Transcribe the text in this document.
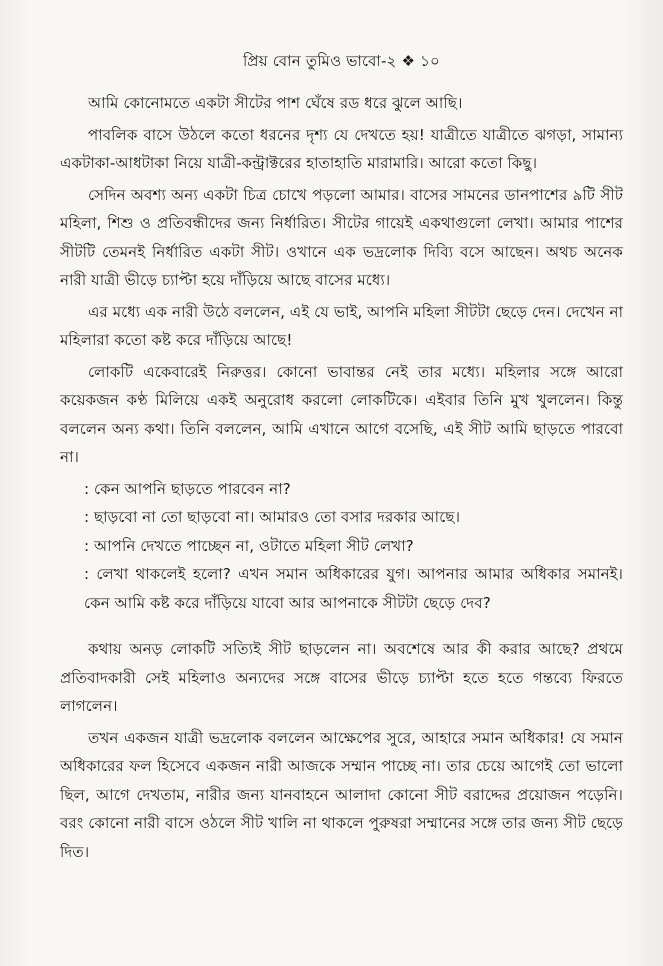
প্রিয় বোন তুমিও ভাবো-২ ❖ ১০

আমি কোনোমতে একটা সীটের পাশ ঘেঁষে রড ধরে ঝুলে আছি।

পাবলিক বাসে উঠলে কতো ধরনের দৃশ্য যে দেখতে হয়! যাত্রীতে যাত্রীতে ঝগড়া, সামান্য একটাকা-আধটাকা নিয়ে যাত্রী-কন্ট্রাক্টরের হাতাহাতি মারামারি। আরো কতো কিছু।

সেদিন অবশ্য অন্য একটা চিত্র চোখে পড়লো আমার। বাসের সামনের ডানপাশের ৯টি সীট মহিলা, শিশু ও প্রতিবন্ধীদের জন্য নির্ধারিত। সীটের গায়েই একথাগুলো লেখা। আমার পাশের সীটটি তেমনই নির্ধারিত একটা সীট। ওখানে এক ভদ্রলোক দিব্যি বসে আছেন। অথচ অনেক নারী যাত্রী ভীড়ে চ্যাপ্টা হয়ে দাঁড়িয়ে আছে বাসের মধ্যে।

এর মধ্যে এক নারী উঠে বললেন, এই যে ভাই, আপনি মহিলা সীটটা ছেড়ে দেন। দেখেন না মহিলারা কতো কষ্ট করে দাঁড়িয়ে আছে!

লোকটি একেবারেই নিরুত্তর। কোনো ভাবান্তর নেই তার মধ্যে। মহিলার সঙ্গে আরো কয়েকজন কণ্ঠ মিলিয়ে একই অনুরোধ করলো লোকটিকে। এইবার তিনি মুখ খুললেন। কিন্তু বললেন অন্য কথা। তিনি বললেন, আমি এখানে আগে বসেছি, এই সীট আমি ছাড়তে পারবো না।

: কেন আপনি ছাড়তে পারবেন না?

: ছাড়বো না তো ছাড়বো না। আমারও তো বসার দরকার আছে।

: আপনি দেখতে পাচ্ছেন না, ওটাতে মহিলা সীট লেখা?

: লেখা থাকলেই হলো? এখন সমান অধিকারের যুগ। আপনার আমার অধিকার সমানই। কেন আমি কষ্ট করে দাঁড়িয়ে যাবো আর আপনাকে সীটটা ছেড়ে দেব?

কথায় অনড় লোকটি সত্যিই সীট ছাড়লেন না। অবশেষে আর কী করার আছে? প্রথমে প্রতিবাদকারী সেই মহিলাও অন্যদের সঙ্গে বাসের ভীড়ে চ্যাপ্টা হতে হতে গন্তব্যে ফিরতে লাগলেন।

তখন একজন যাত্রী ভদ্রলোক বললেন আক্ষেপের সুরে, আহারে সমান অধিকার! যে সমান অধিকারের ফল হিসেবে একজন নারী আজকে সম্মান পাচ্ছে না। তার চেয়ে আগেই তো ভালো ছিল, আগে দেখতাম, নারীর জন্য যানবাহনে আলাদা কোনো সীট বরাদ্দের প্রয়োজন পড়েনি। বরং কোনো নারী বাসে ওঠলে সীট খালি না থাকলে পুরুষরা সম্মানের সঙ্গে তার জন্য সীট ছেড়ে দিত।
